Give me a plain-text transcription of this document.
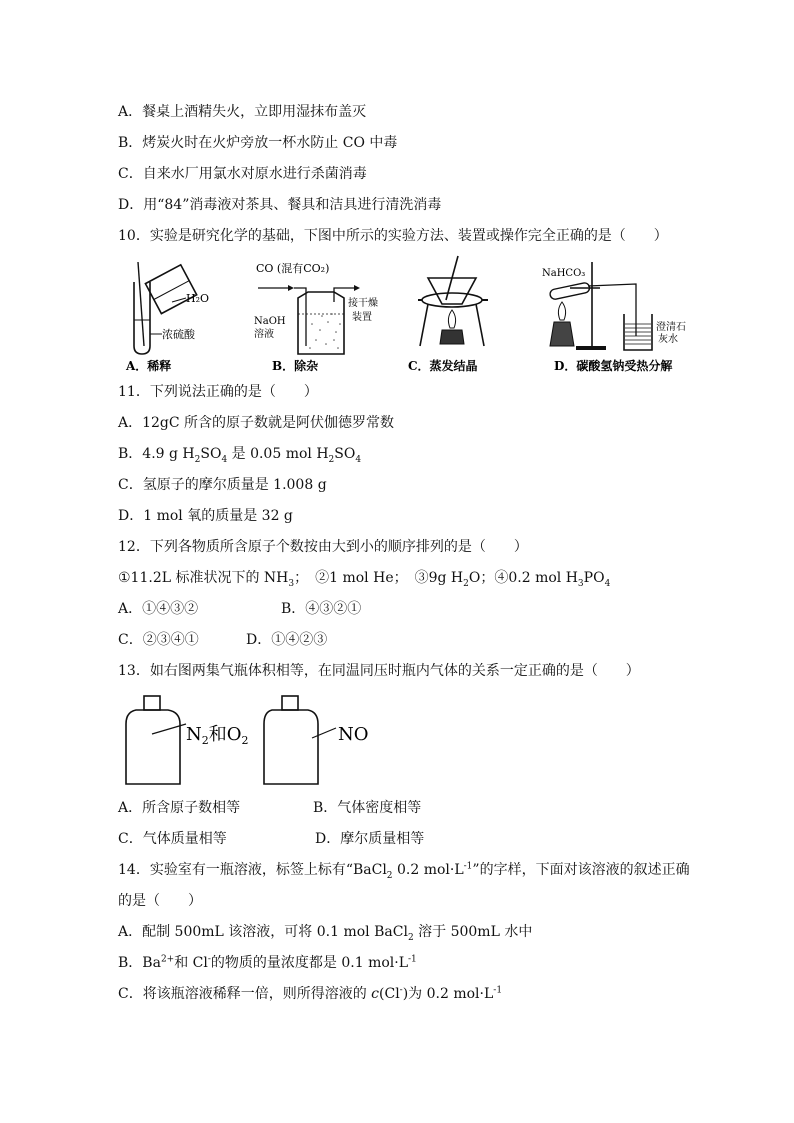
A．餐桌上酒精失火，立即用湿抹布盖灭
B．烤炭火时在火炉旁放一杯水防止 CO 中毒
C．自来水厂用氯水对原水进行杀菌消毒
D．用“84”消毒液对茶具、餐具和洁具进行清洗消毒
10．实验是研究化学的基础，下图中所示的实验方法、装置或操作完全正确的是（　　）
H₂O
浓硫酸
A．稀释
CO (混有CO₂)
NaOH
溶液
接干燥
装置
B．除杂	C．蒸发结晶
NaHCO₃
澄清石
灰水
D．碳酸氢钠受热分解
11．下列说法正确的是（　　）
A．12gC 所含的原子数就是阿伏伽德罗常数
B．4.9 g $H_2SO_4$ 是 0.05 mol $H_2SO_4$
C．氢原子的摩尔质量是 1.008 g
D．1 mol 氧的质量是 32 g
12．下列各物质所含原子个数按由大到小的顺序排列的是（　　）
①11.2L 标准状况下的 $NH_3$；　②1 mol He；　③9g $H_2O$；④0.2 mol $H_3PO_4$
A．①④③②	B．④③②①
C．②③④①	D．①④②③
13．如右图两集气瓶体积相等，在同温同压时瓶内气体的关系一定正确的是（　　）
$N_2$和$O_2$	NO
A．所含原子数相等	B．气体密度相等
C．气体质量相等	D．摩尔质量相等
14．实验室有一瓶溶液，标签上标有“BaCl$_2$ 0.2 $mol\cdot L^{-1}$”的字样，下面对该溶液的叙述正确
的是（　　）
A．配制 500mL 该溶液，可将 0.1 mol BaCl$_2$ 溶于 500mL 水中
B．$Ba^{2+}$和 Cl-的物质的量浓度都是 0.1 $mol\cdot L^{-1}$
C．将该瓶溶液稀释一倍，则所得溶液的 c(Cl-)为 0.2 $mol\cdot L^{-1}$
